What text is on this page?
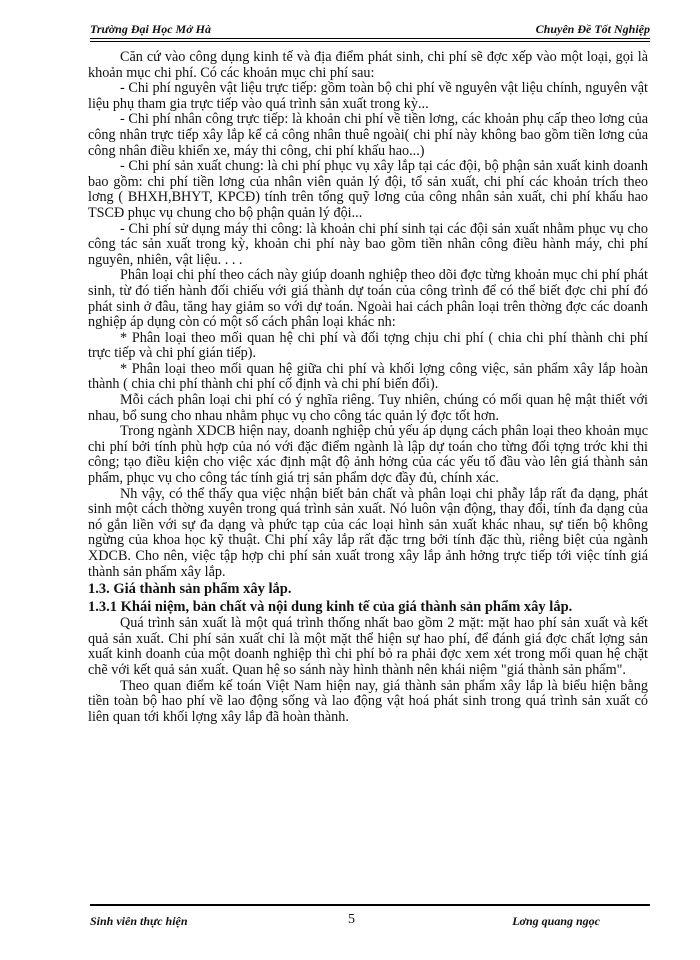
Trường Đại Học Mở Hà	Chuyên Đề Tốt Nghiệp

Căn cứ vào công dụng kinh tế và địa điểm phát sinh, chi phí sẽ đợc xếp vào một loại, gọi là khoản mục chi phí. Có các khoản mục chi phí sau:

- Chi phí nguyên vật liệu trực tiếp: gồm toàn bộ chi phí về nguyên vật liệu chính, nguyên vật liệu phụ tham gia trực tiếp vào quá trình sản xuất trong kỳ...

- Chi phí nhân công trực tiếp: là khoản chi phí về tiền lơng, các khoản phụ cấp theo lơng của công nhân trực tiếp xây lắp kể cả công nhân thuê ngoài( chi phí này không bao gồm tiền lơng của công nhân điều khiển xe, máy thi công, chi phí khấu hao...)

- Chi phí sản xuất chung: là chi phí phục vụ xây lắp tại các đội, bộ phận sản xuất kinh doanh bao gồm: chi phí tiền lơng của nhân viên quản lý đội, tổ sản xuất, chi phí các khoản trích theo lơng ( BHXH,BHYT, KPCĐ) tính trên tổng quỹ lơng của công nhân sản xuất, chi phí khấu hao TSCĐ phục vụ chung cho bộ phận quản lý đội...

- Chi phí sử dụng máy thi công: là khoản chi phí sinh tại các đội sản xuất nhằm phục vụ cho công tác sản xuất trong kỳ, khoản chi phí này bao gồm tiền nhân công điều hành máy, chi phí nguyên, nhiên, vật liệu. . . .

Phân loại chi phí theo cách này giúp doanh nghiệp theo dõi đợc từng khoản mục chi phí phát sinh, từ đó tiến hành đối chiếu với giá thành dự toán của công trình để có thể biết đợc chi phí đó phát sinh ở đâu, tăng hay giảm so với dự toán. Ngoài hai cách phân loại trên thờng đợc các doanh nghiệp áp dụng còn có một số cách phân loại khác nh:

* Phân loại theo mối quan hệ chi phí và đối tợng chịu chi phí ( chia chi phí thành chi phí trực tiếp và chi phí gián tiếp).

* Phân loại theo mối quan hệ giữa chi phí và khối lợng công việc, sản phẩm xây lắp hoàn thành ( chia chi phí thành chi phí cố định và chi phí biến đổi).

Mỗi cách phân loại chi phí có ý nghĩa riêng. Tuy nhiên, chúng có mối quan hệ mật thiết với nhau, bổ sung cho nhau nhằm phục vụ cho công tác quản lý đợc tốt hơn.

Trong ngành XDCB hiện nay, doanh nghiệp chủ yếu áp dụng cách phân loại theo khoản mục chi phí bởi tính phù hợp của nó với đặc điểm ngành là lập dự toán cho từng đối tợng trớc khi thi công; tạo điều kiện cho việc xác định mật độ ảnh hởng của các yếu tố đầu vào lên giá thành sản phẩm, phục vụ cho công tác tính giá trị sản phẩm dợc đầy đủ, chính xác.

Nh vậy, có thể thấy qua việc nhận biết bản chất và phân loại chi phẫy lắp rất đa dạng, phát sinh một cách thờng xuyên trong quá trình sản xuất. Nó luôn vận động, thay đổi, tính đa dạng của nó gắn liền với sự đa dạng và phức tạp của các loại hình sản xuất khác nhau, sự tiến bộ không ngừng của khoa học kỹ thuật. Chi phí xây lắp rất đặc trng bởi tính đặc thù, riêng biệt của ngành XDCB. Cho nên, việc tập hợp chi phí sản xuất trong xây lắp ảnh hởng trực tiếp tới việc tính giá thành sản phẩm xây lắp.

1.3. Giá thành sản phẩm xây lắp.
1.3.1 Khái niệm, bản chất và nội dung kinh tế của giá thành sản phẩm xây lắp.

Quá trình sản xuất là một quá trình thống nhất bao gồm 2 mặt: mặt hao phí sản xuất và kết quả sản xuất. Chi phí sản xuất chỉ là một mặt thể hiện sự hao phí, để đánh giá đợc chất lợng sản xuất kinh doanh của một doanh nghiệp thì chi phí bỏ ra phải đợc xem xét trong mối quan hệ chặt chẽ với kết quả sản xuất. Quan hệ so sánh này hình thành nên khái niệm "giá thành sản phẩm".

Theo quan điểm kế toán Việt Nam hiện nay, giá thành sản phẩm xây lắp là biểu hiện bằng tiền toàn bộ hao phí về lao động sống và lao động vật hoá phát sinh trong quá trình sản xuất có liên quan tới khối lợng xây lắp đã hoàn thành.

Sinh viên thực hiện	5	Lơng quang ngọc
